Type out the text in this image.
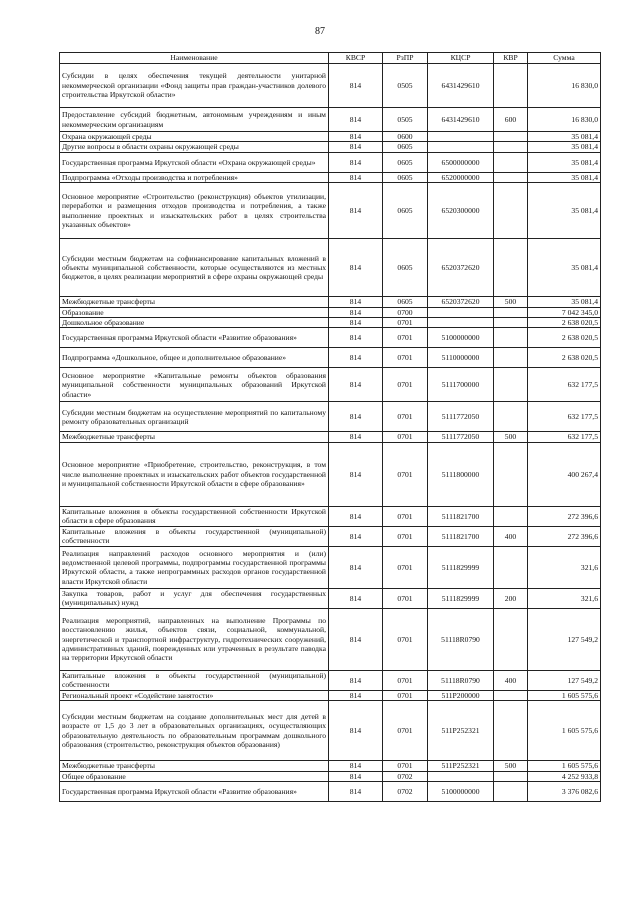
87
Наименование	КВСР	РзПР	КЦСР	КВР	Сумма
Субсидии в целях обеспечения текущей деятельности унитарной некоммерческой организации «Фонд защиты прав граждан-участников долевого строительства Иркутской области»	814	0505	6431429610		16 830,0
Предоставление субсидий бюджетным, автономным учреждениям и иным некоммерческим организациям	814	0505	6431429610	600	16 830,0
Охрана окружающей среды	814	0600			35 081,4
Другие вопросы в области охраны окружающей среды	814	0605			35 081,4
Государственная программа Иркутской области «Охрана окружающей среды»	814	0605	6500000000		35 081,4
Подпрограмма «Отходы производства и потребления»	814	0605	6520000000		35 081,4
Основное мероприятие «Строительство (реконструкция) объектов утилизации, переработки и размещения отходов производства и потребления, а также выполнение проектных и изыскательских работ в целях строительства указанных объектов»	814	0605	6520300000		35 081,4
Субсидии местным бюджетам на софинансирование капитальных вложений в объекты муниципальной собственности, которые осуществляются из местных бюджетов, в целях реализации мероприятий в сфере охраны окружающей среды	814	0605	6520372620		35 081,4
Межбюджетные трансферты	814	0605	6520372620	500	35 081,4
Образование	814	0700			7 042 345,0
Дошкольное образование	814	0701			2 638 020,5
Государственная программа Иркутской области «Развитие образования»	814	0701	5100000000		2 638 020,5
Подпрограмма «Дошкольное, общее и дополнительное образование»	814	0701	5110000000		2 638 020,5
Основное мероприятие «Капитальные ремонты объектов образования муниципальной собственности муниципальных образований Иркутской области»	814	0701	5111700000		632 177,5
Субсидии местным бюджетам на осуществление мероприятий по капитальному ремонту образовательных организаций	814	0701	5111772050		632 177,5
Межбюджетные трансферты	814	0701	5111772050	500	632 177,5
Основное мероприятие «Приобретение, строительство, реконструкция, в том числе выполнение проектных и изыскательских работ объектов государственной и муниципальной собственности Иркутской области в сфере образования»	814	0701	5111800000		400 267,4
Капитальные вложения в объекты государственной собственности Иркутской области в сфере образования	814	0701	5111821700		272 396,6
Капитальные вложения в объекты государственной (муниципальной) собственности	814	0701	5111821700	400	272 396,6
Реализация направлений расходов основного мероприятия и (или) ведомственной целевой программы, подпрограммы государственной программы Иркутской области, а также непрограммных расходов органов государственной власти Иркутской области	814	0701	5111829999		321,6
Закупка товаров, работ и услуг для обеспечения государственных (муниципальных) нужд	814	0701	5111829999	200	321,6
Реализация мероприятий, направленных на выполнение Программы по восстановлению жилья, объектов связи, социальной, коммунальной, энергетической и транспортной инфраструктур, гидротехнических сооружений, административных зданий, поврежденных или утраченных в результате паводка на территории Иркутской области	814	0701	51118R0790		127 549,2
Капитальные вложения в объекты государственной (муниципальной) собственности	814	0701	51118R0790	400	127 549,2
Региональный проект «Содействие занятости»	814	0701	511P200000		1 605 575,6
Субсидии местным бюджетам на создание дополнительных мест для детей в возрасте от 1,5 до 3 лет в образовательных организациях, осуществляющих образовательную деятельность по образовательным программам дошкольного образования (строительство, реконструкция объектов образования)	814	0701	511P252321		1 605 575,6
Межбюджетные трансферты	814	0701	511P252321	500	1 605 575,6
Общее образование	814	0702			4 252 933,8
Государственная программа Иркутской области «Развитие образования»	814	0702	5100000000		3 376 082,6
